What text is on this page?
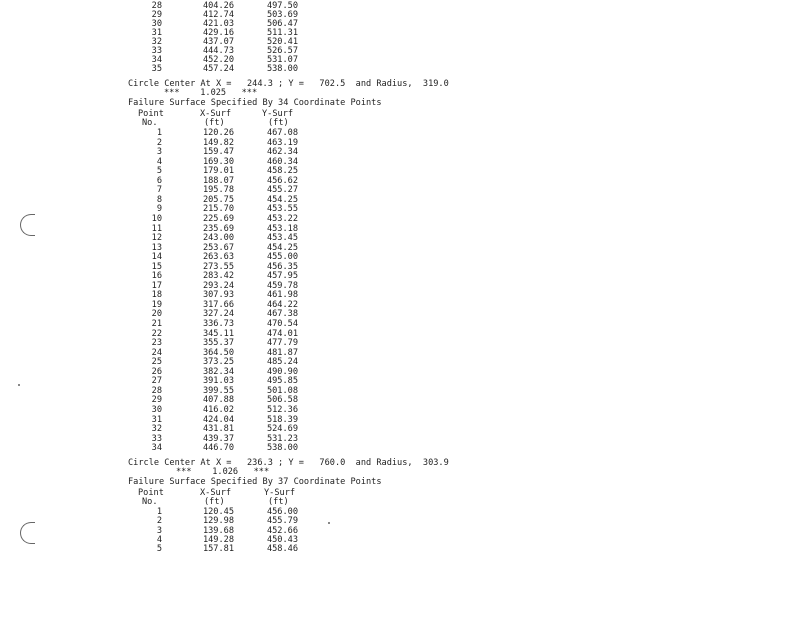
28	404.26	497.50
29	412.74	503.69
30	421.03	506.47
31	429.16	511.31
32	437.07	520.41
33	444.73	526.57
34	452.20	531.07
35	457.24	538.00
Circle Center At X =   244.3 ; Y =   702.5  and Radius,  319.0
***    1.025   ***
Failure Surface Specified By 34 Coordinate Points
Point	X-Surf	Y-Surf
No.	(ft)	(ft)
1	120.26	467.08
2	149.82	463.19
3	159.47	462.34
4	169.30	460.34
5	179.01	458.25
6	188.07	456.62
7	195.78	455.27
8	205.75	454.25
9	215.70	453.55
10	225.69	453.22
11	235.69	453.18
12	243.00	453.45
13	253.67	454.25
14	263.63	455.00
15	273.55	456.35
16	283.42	457.95
17	293.24	459.78
18	307.93	461.98
19	317.66	464.22
20	327.24	467.38
21	336.73	470.54
22	345.11	474.01
23	355.37	477.79
24	364.50	481.87
25	373.25	485.24
26	382.34	490.90
27	391.03	495.85
28	399.55	501.08
29	407.88	506.58
30	416.02	512.36
31	424.04	518.39
32	431.81	524.69
33	439.37	531.23
34	446.70	538.00
Circle Center At X =   236.3 ; Y =   760.0  and Radius,  303.9
***    1.026   ***
Failure Surface Specified By 37 Coordinate Points
Point	X-Surf	Y-Surf
No.	(ft)	(ft)
1	120.45	456.00
2	129.98	455.79
3	139.68	452.66
4	149.28	450.43
5	157.81	458.46
